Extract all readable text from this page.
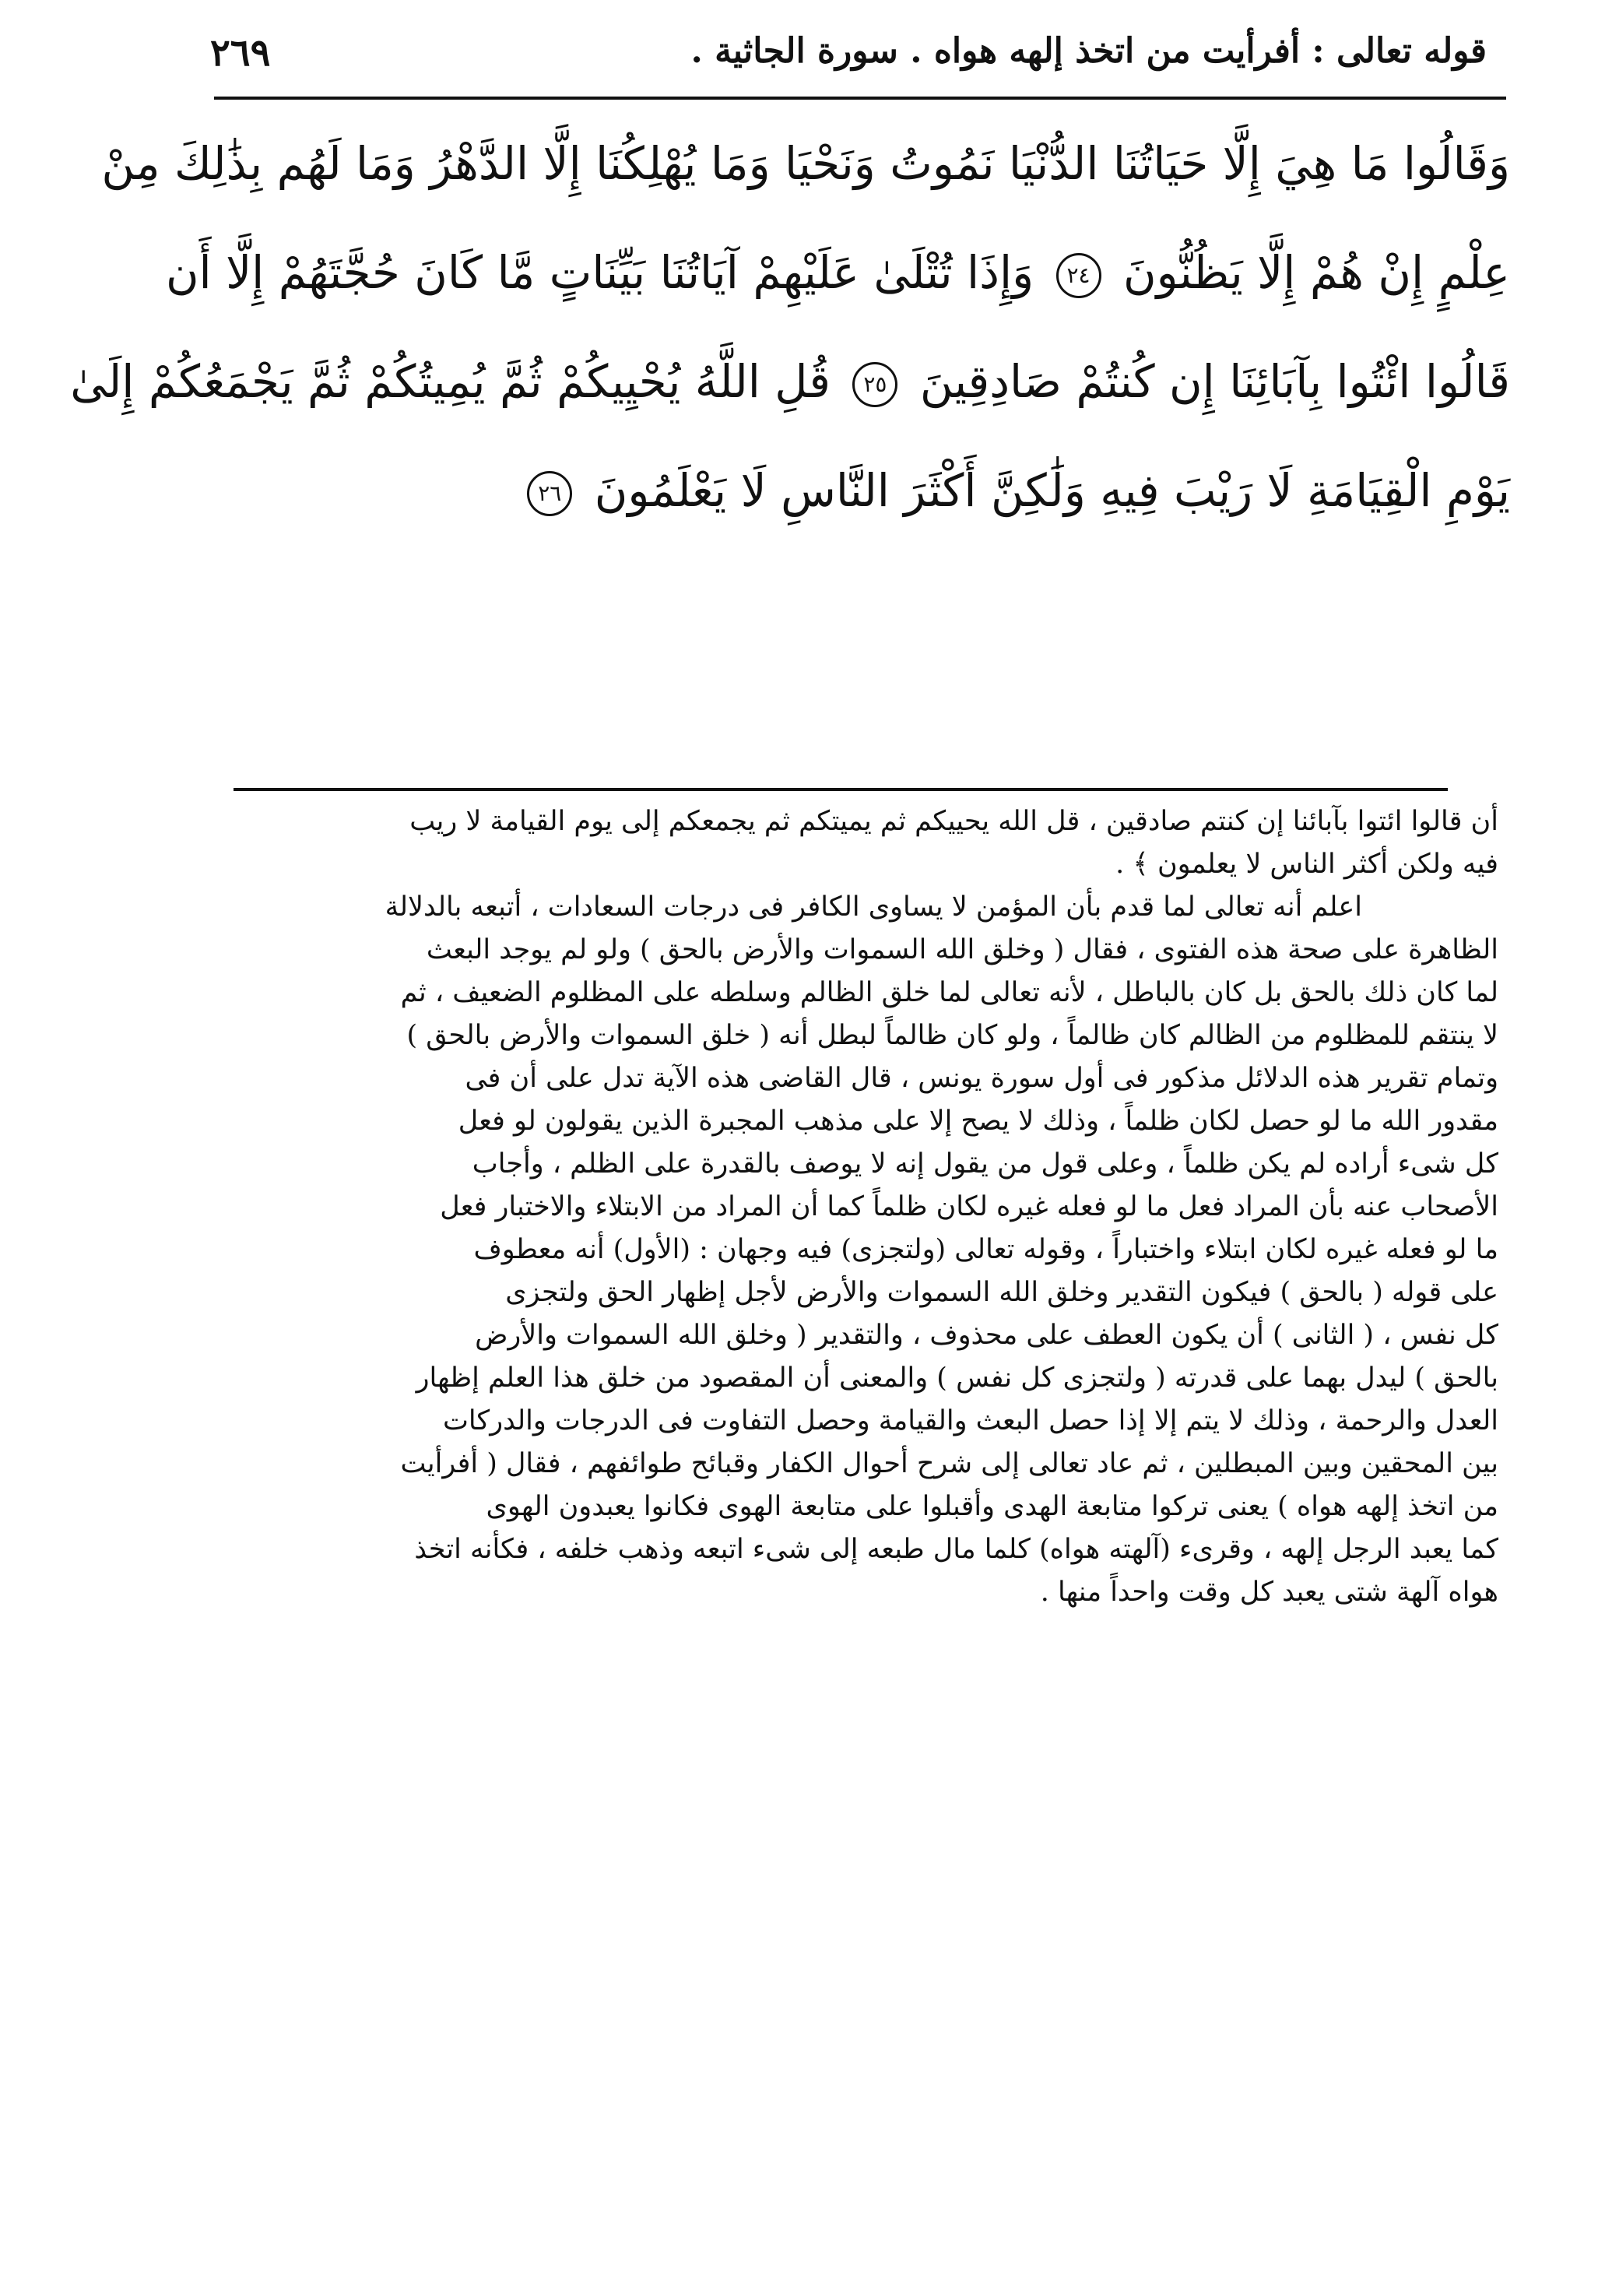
قوله تعالى : أفرأيت من اتخذ إلهه هواه . سورة الجاثية .
٢٦٩
وَقَالُوا مَا هِيَ إِلَّا حَيَاتُنَا الدُّنْيَا نَمُوتُ وَنَحْيَا وَمَا يُهْلِكُنَا إِلَّا الدَّهْرُ وَمَا لَهُم بِذَٰلِكَ مِنْ
عِلْمٍ إِنْ هُمْ إِلَّا يَظُنُّونَ ٢٤ وَإِذَا تُتْلَىٰ عَلَيْهِمْ آيَاتُنَا بَيِّنَاتٍ مَّا كَانَ حُجَّتَهُمْ إِلَّا أَن
قَالُوا ائْتُوا بِآبَائِنَا إِن كُنتُمْ صَادِقِينَ ٢٥ قُلِ اللَّهُ يُحْيِيكُمْ ثُمَّ يُمِيتُكُمْ ثُمَّ يَجْمَعُكُمْ إِلَىٰ
يَوْمِ الْقِيَامَةِ لَا رَيْبَ فِيهِ وَلَٰكِنَّ أَكْثَرَ النَّاسِ لَا يَعْلَمُونَ ٢٦
أن قالوا ائتوا بآبائنا إن كنتم صادقين ، قل الله يحييكم ثم يميتكم ثم يجمعكم إلى يوم القيامة لا ريب
فيه ولكن أكثر الناس لا يعلمون ﴾ .
اعلم أنه تعالى لما قدم بأن المؤمن لا يساوى الكافر فى درجات السعادات ، أتبعه بالدلالة
الظاهرة على صحة هذه الفتوى ، فقال ( وخلق الله السموات والأرض بالحق ) ولو لم يوجد البعث
لما كان ذلك بالحق بل كان بالباطل ، لأنه تعالى لما خلق الظالم وسلطه على المظلوم الضعيف ، ثم
لا ينتقم للمظلوم من الظالم كان ظالماً ، ولو كان ظالماً لبطل أنه ( خلق السموات والأرض بالحق )
وتمام تقرير هذه الدلائل مذكور فى أول سورة يونس ، قال القاضى هذه الآية تدل على أن فى
مقدور الله ما لو حصل لكان ظلماً ، وذلك لا يصح إلا على مذهب المجبرة الذين يقولون لو فعل
كل شىء أراده لم يكن ظلماً ، وعلى قول من يقول إنه لا يوصف بالقدرة على الظلم ، وأجاب
الأصحاب عنه بأن المراد فعل ما لو فعله غيره لكان ظلماً كما أن المراد من الابتلاء والاختبار فعل
ما لو فعله غيره لكان ابتلاء واختباراً ، وقوله تعالى (ولتجزى) فيه وجهان : (الأول) أنه معطوف
على قوله ( بالحق ) فيكون التقدير وخلق الله السموات والأرض لأجل إظهار الحق ولتجزى
كل نفس ، ( الثانى ) أن يكون العطف على محذوف ، والتقدير ( وخلق الله السموات والأرض
بالحق ) ليدل بهما على قدرته ( ولتجزى كل نفس ) والمعنى أن المقصود من خلق هذا العلم إظهار
العدل والرحمة ، وذلك لا يتم إلا إذا حصل البعث والقيامة وحصل التفاوت فى الدرجات والدركات
بين المحقين وبين المبطلين ، ثم عاد تعالى إلى شرح أحوال الكفار وقبائح طوائفهم ، فقال ( أفرأيت
من اتخذ إلهه هواه ) يعنى تركوا متابعة الهدى وأقبلوا على متابعة الهوى فكانوا يعبدون الهوى
كما يعبد الرجل إلهه ، وقرىء (آلهته هواه) كلما مال طبعه إلى شىء اتبعه وذهب خلفه ، فكأنه اتخذ
هواه آلهة شتى يعبد كل وقت واحداً منها .
